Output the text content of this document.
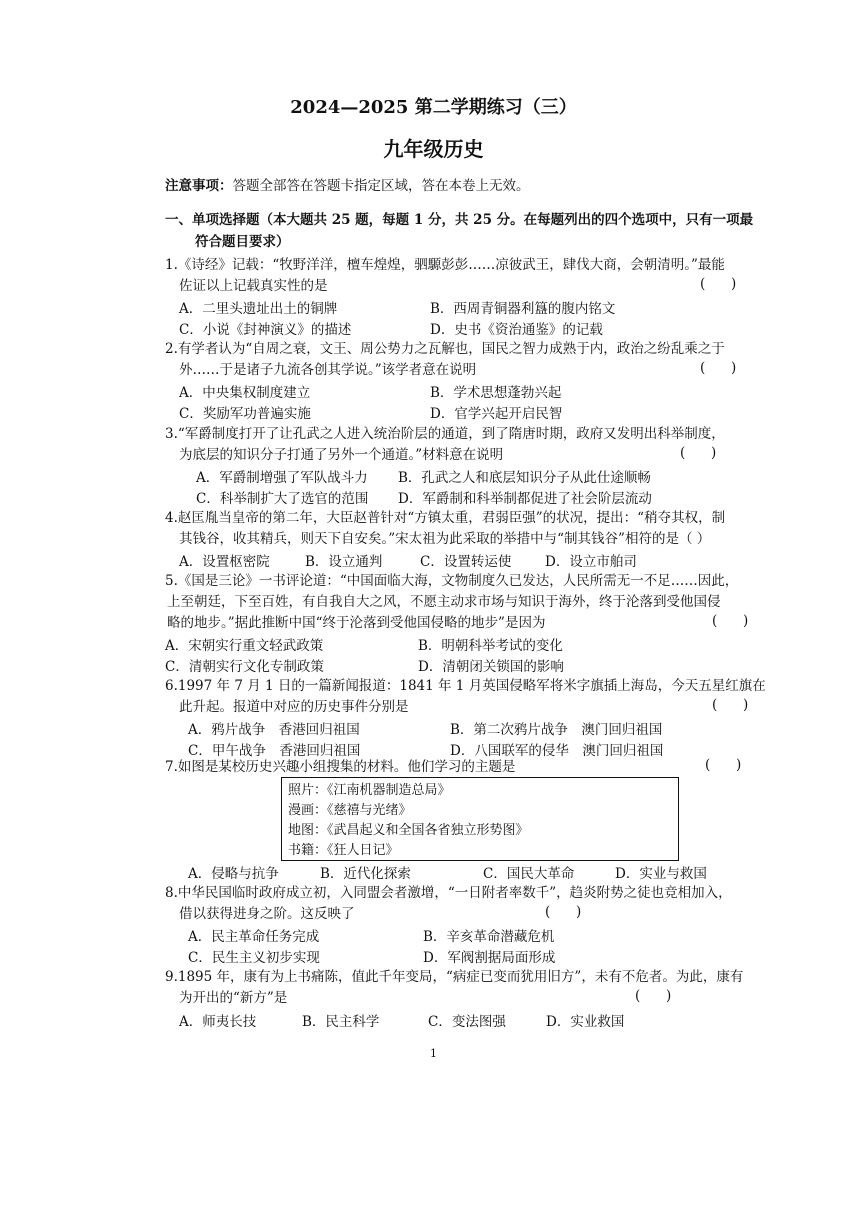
2024—2025 第二学期练习（三）
九年级历史
注意事项：答题全部答在答题卡指定区域，答在本卷上无效。
一、单项选择题（本大题共 25 题，每题 1 分，共 25 分。在每题列出的四个选项中，只有一项最
符合题目要求）
1.《诗经》记载：“牧野洋洋，檀车煌煌，驷騵彭彭……凉彼武王，肆伐大商，会朝清明。”最能
佐证以上记载真实性的是	(      )
A．二里头遗址出土的铜牌	B．西周青铜器利簋的腹内铭文
C．小说《封神演义》的描述	D．史书《资治通鉴》的记载
2.有学者认为“自周之衰，文王、周公势力之瓦解也，国民之智力成熟于内，政治之纷乱乘之于
外……于是诸子九流各创其学说。”该学者意在说明	(      )
A．中央集权制度建立	B．学术思想蓬勃兴起
C．奖励军功普遍实施	D．官学兴起开启民智
3.“军爵制度打开了让孔武之人进入统治阶层的通道，到了隋唐时期，政府又发明出科举制度，
为底层的知识分子打通了另外一个通道。”材料意在说明	(      )
A．军爵制增强了军队战斗力 B．孔武之人和底层知识分子从此仕途顺畅
C．科举制扩大了选官的范围 D．军爵制和科举制都促进了社会阶层流动
4.赵匡胤当皇帝的第二年，大臣赵普针对“方镇太重，君弱臣强”的状况，提出：“稍夺其权，制
其钱谷，收其精兵，则天下自安矣。”宋太祖为此采取的举措中与“制其钱谷”相符的是（ ）
A．设置枢密院	B．设立通判	C．设置转运使 D．设立市舶司
5.《国是三论》一书评论道：“中国面临大海，文物制度久已发达，人民所需无一不足……因此，
上至朝廷，下至百姓，有自我自大之风，不愿主动求市场与知识于海外，终于沦落到受他国侵
略的地步。”据此推断中国“终于沦落到受他国侵略的地步”是因为	(      )
A．宋朝实行重文轻武政策	B．明朝科举考试的变化
C．清朝实行文化专制政策	D．清朝闭关锁国的影响
6.1997 年 7 月 1 日的一篇新闻报道：1841 年 1 月英国侵略军将米字旗插上海岛，今天五星红旗在
此升起。报道中对应的历史事件分别是	(      )
A．鸦片战争　香港回归祖国	B．第二次鸦片战争　澳门回归祖国
C．甲午战争　香港回归祖国	D．八国联军的侵华　澳门回归祖国
7.如图是某校历史兴趣小组搜集的材料。他们学习的主题是	(      )
照片：《江南机器制造总局》
漫画：《慈禧与光绪》
地图：《武昌起义和全国各省独立形势图》
书籍：《狂人日记》
A．侵略与抗争	B．近代化探索	C．国民大革命	D．实业与救国
8.中华民国临时政府成立初，入同盟会者激增，“一日附者率数千”，趋炎附势之徒也竞相加入，
借以获得进身之阶。这反映了	(      )
A．民主革命任务完成	B．辛亥革命潜藏危机
C．民生主义初步实现	D．军阀割据局面形成
9.1895 年，康有为上书痛陈，值此千年变局，“病症已变而犹用旧方”，未有不危者。为此，康有
为开出的“新方”是	(      )
A．师夷长技	B．民主科学	C．变法图强	D．实业救国
1
